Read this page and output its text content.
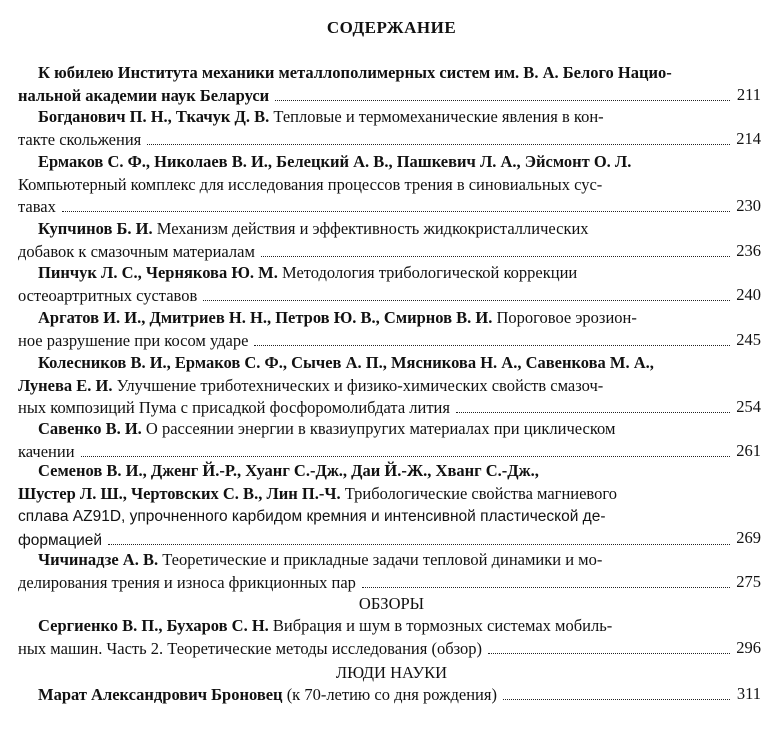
СОДЕРЖАНИЕ
К юбилею Института механики металлополимерных систем им. В. А. Белого Нацио-
нальной академии наук Беларуси	211
Богданович П. Н., Ткачук Д. В. Тепловые и термомеханические явления в кон-
такте скольжения	214
Ермаков С. Ф., Николаев В. И., Белецкий А. В., Пашкевич Л. А., Эйсмонт О. Л.
Компьютерный комплекс для исследования процессов трения в синовиальных сус-
тавах	230
Купчинов Б. И. Механизм действия и эффективность жидкокристаллических
добавок к смазочным материалам	236
Пинчук Л. С., Чернякова Ю. М. Методология трибологической коррекции
остеоартритных суставов	240
Аргатов И. И., Дмитриев Н. Н., Петров Ю. В., Смирнов В. И. Пороговое эрозион-
ное разрушение при косом ударе	245
Колесников В. И., Ермаков С. Ф., Сычев А. П., Мясникова Н. А., Савенкова М. А.,
Лунева Е. И. Улучшение триботехнических и физико-химических свойств смазоч-
ных композиций Пума с присадкой фосфоромолибдата лития	254
Савенко В. И. О рассеянии энергии в квазиупругих материалах при циклическом
качении	261
Семенов В. И., Дженг Й.-Р., Хуанг С.-Дж., Даи Й.-Ж., Хванг С.-Дж.,
Шустер Л. Ш., Чертовских С. В., Лин П.-Ч. Трибологические свойства магниевого
сплава AZ91D, упрочненного карбидом кремния и интенсивной пластической де-
формацией	269
Чичинадзе А. В. Теоретические и прикладные задачи тепловой динамики и мо-
делирования трения и износа фрикционных пар	275
Сергиенко В. П., Бухаров С. Н. Вибрация и шум в тормозных системах мобиль-
ных машин. Часть 2. Теоретические методы исследования (обзор)	296
Марат Александрович Броновец (к 70-летию со дня рождения)	311
ОБЗОРЫ
ЛЮДИ НАУКИ
